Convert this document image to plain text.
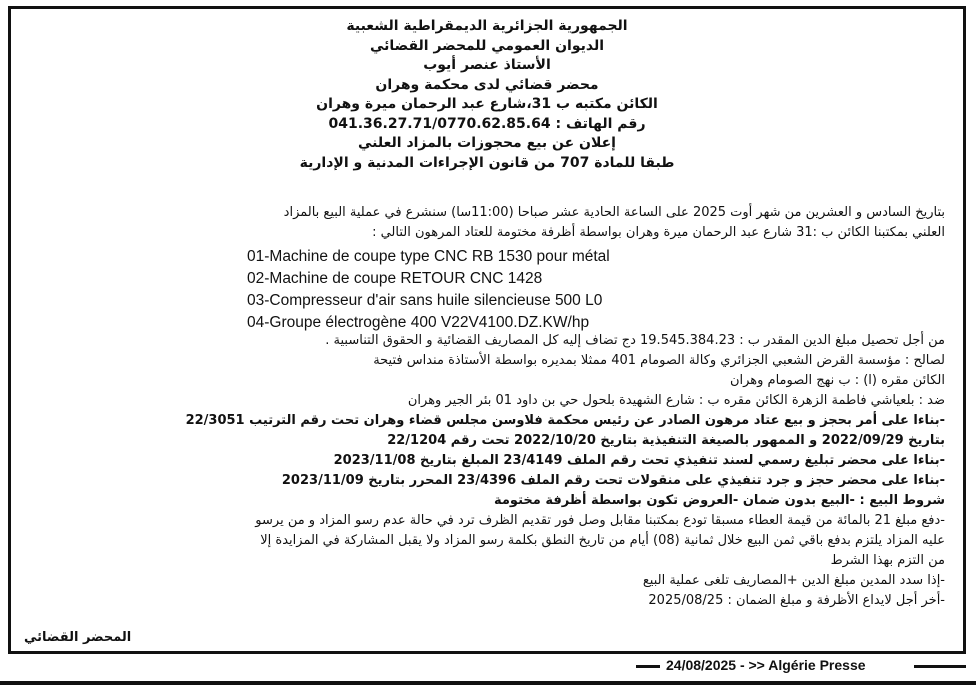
الجمهورية الجزائرية الديمقراطية الشعبية

الديوان العمومي للمحضر القضائي

الأستاذ عنصر أيوب

محضر قضائي لدى محكمة وهران

الكائن مكتبه ب 31،شارع عبد الرحمان ميرة وهران

رقم الهاتف : 041.36.27.71/0770.62.85.64

إعلان عن بيع محجوزات بالمزاد العلني

طبقا للمادة 707 من قانون الإجراءات المدنية و الإدارية

بتاريخ السادس و العشرين من شهر أوت 2025 على الساعة الحادية عشر صباحا (11:00سا) سنشرع في عملية البيع بالمزاد

العلني بمكتبنا الكائن ب :31 شارع عبد الرحمان ميرة وهران بواسطة أظرفة مختومة للعتاد المرهون التالي :

من أجل تحصيل مبلغ الدين المقدر ب : 19.545.384.23 دج تضاف إليه كل المصاريف القضائية و الحقوق التناسبية .

لصالح : مؤسسة القرض الشعبي الجزائري وكالة الصومام 401 ممثلا بمديره بواسطة الأستاذة منداس فتيحة

الكائن مقره (ا) : ب نهج الصومام وهران

ضد : بلعياشي فاطمة الزهرة الكائن مقره ب : شارع الشهيدة بلحول حي بن داود 01 بئر الجير وهران

-بناءا على أمر بحجز و بيع عتاد مرهون الصادر عن رئيس محكمة فلاوسن مجلس قضاء وهران تحت رقم الترتيب 22/3051

بتاريخ 2022/09/29 و الممهور بالصيغة التنفيذية بتاريخ 2022/10/20 تحت رقم 22/1204

-بناءا على محضر تبليغ رسمي لسند تنفيذي تحت رقم الملف 23/4149 المبلغ بتاريخ 2023/11/08

-بناءا على محضر حجز و جرد تنفيذي على منقولات تحت رقم الملف 23/4396 المحرر بتاريخ 2023/11/09

شروط البيع : -البيع بدون ضمان -العروض تكون بواسطة أظرفة مختومة

-دفع مبلغ 21 بالمائة من قيمة العطاء مسبقا تودع بمكتبنا مقابل وصل فور تقديم الظرف ترد في حالة عدم رسو المزاد و من يرسو

عليه المزاد يلتزم بدفع باقي ثمن البيع خلال ثمانية (08) أيام من تاريخ النطق بكلمة رسو المزاد ولا يقبل المشاركة في المزايدة إلا

من التزم بهذا الشرط

-إذا سدد المدين مبلغ الدين +المصاريف تلغى عملية البيع

-أخر أجل لايداع الأظرفة و مبلغ الضمان : 2025/08/25

01-Machine de coupe type CNC RB 1530 pour métal

02-Machine de coupe RETOUR CNC 1428

03-Compresseur d'air sans huile silencieuse 500 L0

04-Groupe électrogène 400 V22V4100.DZ.KW/hp

المحضر القضائي
24/08/2025 - >> Algérie Presse
